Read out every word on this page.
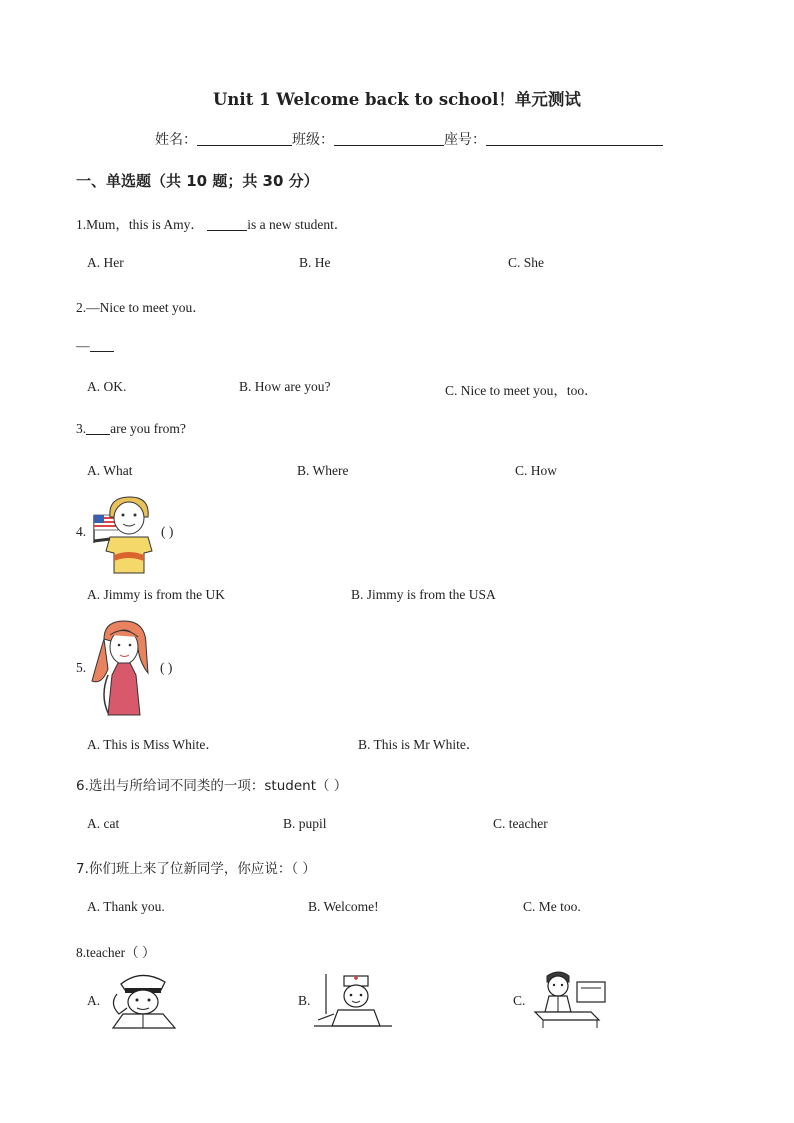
Unit 1 Welcome back to school！单元测试
姓名：	班级：	座号：
一、单选题（共 10 题；共 30 分）
1.Mum，this is Amy．	is a new student．
A. Her	B. He	C. She
2.—Nice to meet you．
—
A. OK.	B. How are you?	C. Nice to meet you，too．
3. are you from?
A. What	B. Where	C. How
4.	( )
A. Jimmy is from the UK	B. Jimmy is from the USA
5.	( )
A. This is Miss White．	B. This is Mr White．
6.选出与所给词不同类的一项：student（ ）
A. cat	B. pupil	C. teacher
7.你们班上来了位新同学，你应说：（ ）
A. Thank you.	B. Welcome!	C. Me too.
8.teacher（ ）
A.	B.	C.
